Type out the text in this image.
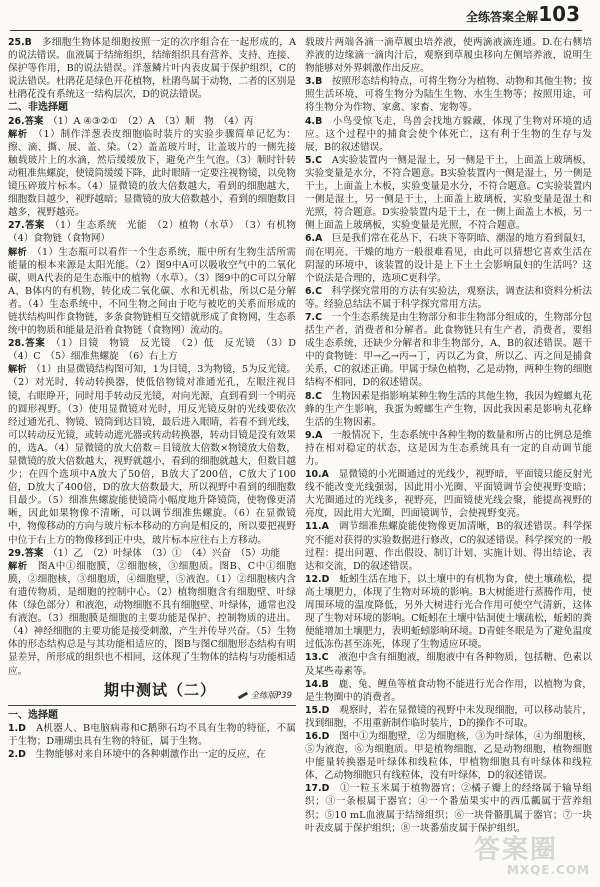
全练答案全解 103

25.B　 多细胞生物体是细胞按照一定的次序组合在一起形成的，A的说法错误。血液属于结缔组织，结缔组织具有营养、支持、连接、保护等作用，B的说法错误。洋葱鳞片叶内表皮属于保护组织，C的说法错误。杜鹃花是绿色开花植物，杜鹃鸟属于动物，二者的区别是杜鹃花没有系统这一结构层次，D的说法错误。

二、非选择题

26.答案　 （1）A ④③②①　（2）A　（3）顺　物　（4）丙

解析　 （1）制作洋葱表皮细胞临时装片的实验步骤简单记忆为：擦、滴、撕、展、盖、染。（2）盖盖玻片时，让盖玻片的一侧先接触载玻片上的水滴，然后缓缓放下，避免产生气泡。（3）顺时针转动粗准焦螺旋，使镜筒缓缓下降，此时眼睛一定要注视物镜，以免物镜压碎玻片标本。（4）显微镜的放大倍数越大，看到的细胞越大，细胞数目越少，视野越暗；显微镜的放大倍数越小，看到的细胞数目越多，视野越亮。

27.答案　 （1）生态系统　光能　（2）植物（水草）　（3）有机物　（4）食物链（食物网）

解析　 （1）生态瓶可以看作一个生态系统，瓶中所有生物生活所需能量的根本来源是太阳光能。（2）图9中A可以吸收空气中的二氧化碳，则A代表的是生态瓶中的植物（水草）。（3）图9中的C可以分解A、B体内的有机物，转化成二氧化碳、水和无机盐，所以C是分解者。（4）生态系统中，不同生物之间由于吃与被吃的关系而形成的链状结构叫作食物链，多条食物链相互交错就形成了食物网，生态系统中的物质和能量是沿着食物链（食物网）流动的。

28.答案　 （1）目镜　物镜　反光镜　（2）低　反光镜　（3）D　（4）C　（5）细准焦螺旋　（6）右上方

解析　 （1）由显微镜结构图可知，1为目镜，3为物镜，5为反光镜。（2）对光时，转动转换器，使低倍物镜对准通光孔，左眼注视目镜，右眼睁开，同时用手转动反光镜，对向光源，直到看到一个明亮的圆形视野。（3）使用显微镜对光时，用反光镜反射的光线要依次经过通光孔、物镜、镜筒到达目镜，最后进入眼睛，若看不到光线，可以转动反光镜，或转动遮光器或转动转换器，转动目镜是没有效果的，选A。（4）显微镜的放大倍数＝目镜放大倍数×物镜放大倍数，显微镜的放大倍数越大，视野就越小，看到的细胞就越大，但数目越少；在四个选项中A放大了50倍，B放大了200倍，C放大了100倍，D放大了400倍，D的放大倍数最大，所以视野中看到的细胞数目最少。（5）细准焦螺旋能使镜筒小幅度地升降镜筒，使物像更清晰，因此如果物像不清晰，可以调节细准焦螺旋。（6）在显微镜中，物像移动的方向与玻片标本移动的方向是相反的，所以要把视野中位于右上方的物像移到正中央，玻片标本应往右上方移动。

29.答案　 （1）乙　（2）叶绿体　（3）①　（4）兴奋　（5）功能

解析　 图A中①细胞膜，②细胞核，③细胞质。图B、C中①细胞膜，②细胞核，③细胞质，④细胞壁，⑤液泡。（1）②细胞核内含有遗传物质，是细胞的控制中心。（2）植物细胞含有细胞壁、叶绿体（绿色部分）和液泡，动物细胞不具有细胞壁、叶绿体，通常也没有液泡。（3）细胞膜是细胞的主要功能是保护、控制物质的进出。（4）神经细胞的主要功能是接受刺激，产生并传导兴奋。（5）生物体的形态结构总是与其功能相适应的，图B与图C细胞形态结构有明显差异，所形成的组织也不相同，这体现了生物体的结构与功能相适应。

期中测试（二）	全练版P39

一、选择题

1.D　 A机器人、B电脑病毒和C鹅卵石均不具有生物的特征，不属于生物；D珊瑚虫具有生物的特征，属于生物。

2.D　 生物能够对来自环境中的各种刺激作出一定的反应，在

载玻片两端各滴一滴草履虫培养液，使两滴液滴连通。D.在右侧培养液的边缘滴一滴肉汁后，观察到草履虫移向左侧培养液，说明生物能够对外界刺激作出反应。

3.B　 按照形态结构特点，可将生物分为植物、动物和其他生物；按照生活环境，可将生物分为陆生生物、水生生物等；按照用途，可将生物分为作物、家禽、家畜、宠物等。

4.B　 小鸟受惊飞走，鸟兽会找地方躲藏，体现了生物对环境的适应。这个过程中的捕食会使个体死亡，这有利于生物的生存与发展，B的叙述错误。

5.C　 A实验装置内一侧是湿土，另一侧是干土，上面盖上玻璃板，实验变量是水分，不符合题意。B实验装置内一侧是湿土，另一侧是干土，上面盖上木板，实验变量是水分，不符合题意。C实验装置内一侧是湿土，另一侧是干土，上面盖上玻璃板，实验变量是湿土和光照，符合题意。D实验装置内是干土，在一侧上面盖上木板，另一侧上面盖上玻璃板，实验变量是光照，不符合题意。

6.A　 巨是我们常在花丛下，石块下等阴暗、潮湿的地方看到鼠妇，而在明亮、干燥的地方一般很难看见，由此可以猜想它喜欢生活在阴湿的环境中，该装置的设计是上下土土会影响鼠妇的生活吗？这个说法是合理的，选项C更科学。

6.C　 科学探究常用的方法有实验法，观察法，调查法和资料分析法等。经验总结法不属于科学探究常用方法。

7.C　 一个生态系统是由生物部分和非生物部分组成的，生物部分包括生产者，消费者和分解者。此食物链只有生产者，消费者，要组成生态系统，还缺少分解者和非生物部分，A、B的叙述错误。题干中的食物链：甲→乙→丙→丁，丙以乙为食，所以乙、丙之间是捕食关系，C的叙述正确。甲属于绿色植物，乙是动物，两种生物的细胞结构不相同，D的叙述错误。

8.C　 生物因素是指影响某种生物生活的其他生物，我因为螳螂丸花蜂的生产生影响，我蛋为螳螂生产生物，因此我因素是影响丸花蜂生活的生物因素。

9.A　 一般情况下，生态系统中各种生物的数量和所占的比例总是维持在相对稳定的状态，这是因为生态系统具有一定的自动调节能力。

10.A　 显微镜的小光圈通过的光线少，视野暗，平面镜只能反射光线不能改变光线强弱，因此用小光圈、平面镜调节会使视野变暗；大光圈通过的光线多，视野亮，凹面镜使光线会聚，能提高视野的亮度，因此用大光圈，凹面镜调节，会使视野变亮。

11.A　 调节细准焦螺旋能使物像更加清晰，B的叙述错误。科学探究不能对获得的实验数据进行修改，C的叙述错误。科学探究的一般过程：提出问题、作出假设、制订计划、实施计划、得出结论、表达和交流，D的叙述错误。

12.D　 蚯蚓生活在地下，以土壤中的有机物为食，使土壤疏松，提高土壤肥力，体现了生物对环境的影响。B大树能进行蒸腾作用，使周围环境的温度降低，另外大树进行光合作用可使空气清新，这体现了生物对环境的影响。C蚯蚓在土壤中钻洞使土壤疏松，蚯蚓的粪便能增加土壤肥力，表明蚯蚓影响环境。D青蛙冬眠是为了避免温度过低冻伤甚至冻死，体现了生物适应环境。

13.C　 液泡中含有细胞液，细胞液中有各种物质，包括糖、色素以及某些毒素等。

14.B　 鹿、兔、鲤鱼等植食动物不能进行光合作用，以植物为食，是生物圈中的消费者。

15.D　 观察时，若在显微镜的视野中未发现细胞，可以移动装片，找到细胞，不用重新制作临时装片，D的操作不可取。

16.D　 图中①为细胞壁，②为细胞核，③为叶绿体，④为细胞核，⑤为液泡，⑥为细胞质。甲是植物细胞，乙是动物细胞，植物细胞中能量转换器是叶绿体和线粒体，甲植物细胞具有叶绿体和线粒体，乙动物细胞只有线粒体，没有叶绿体，D的叙述错误。

17.D　 ①一粒玉米属于植物器官；②橘子瓣上的经络属于输导组织；③一条根属于器官；④一个番茄果实中的西瓜瓤属于营养组织；⑤10 mL血液属于结缔组织；⑥一块骨骼肌属于器官；⑦一块叶表皮属于保护组织；⑧一块番茄皮属于保护组织。

答案圈
MXQE.COM
